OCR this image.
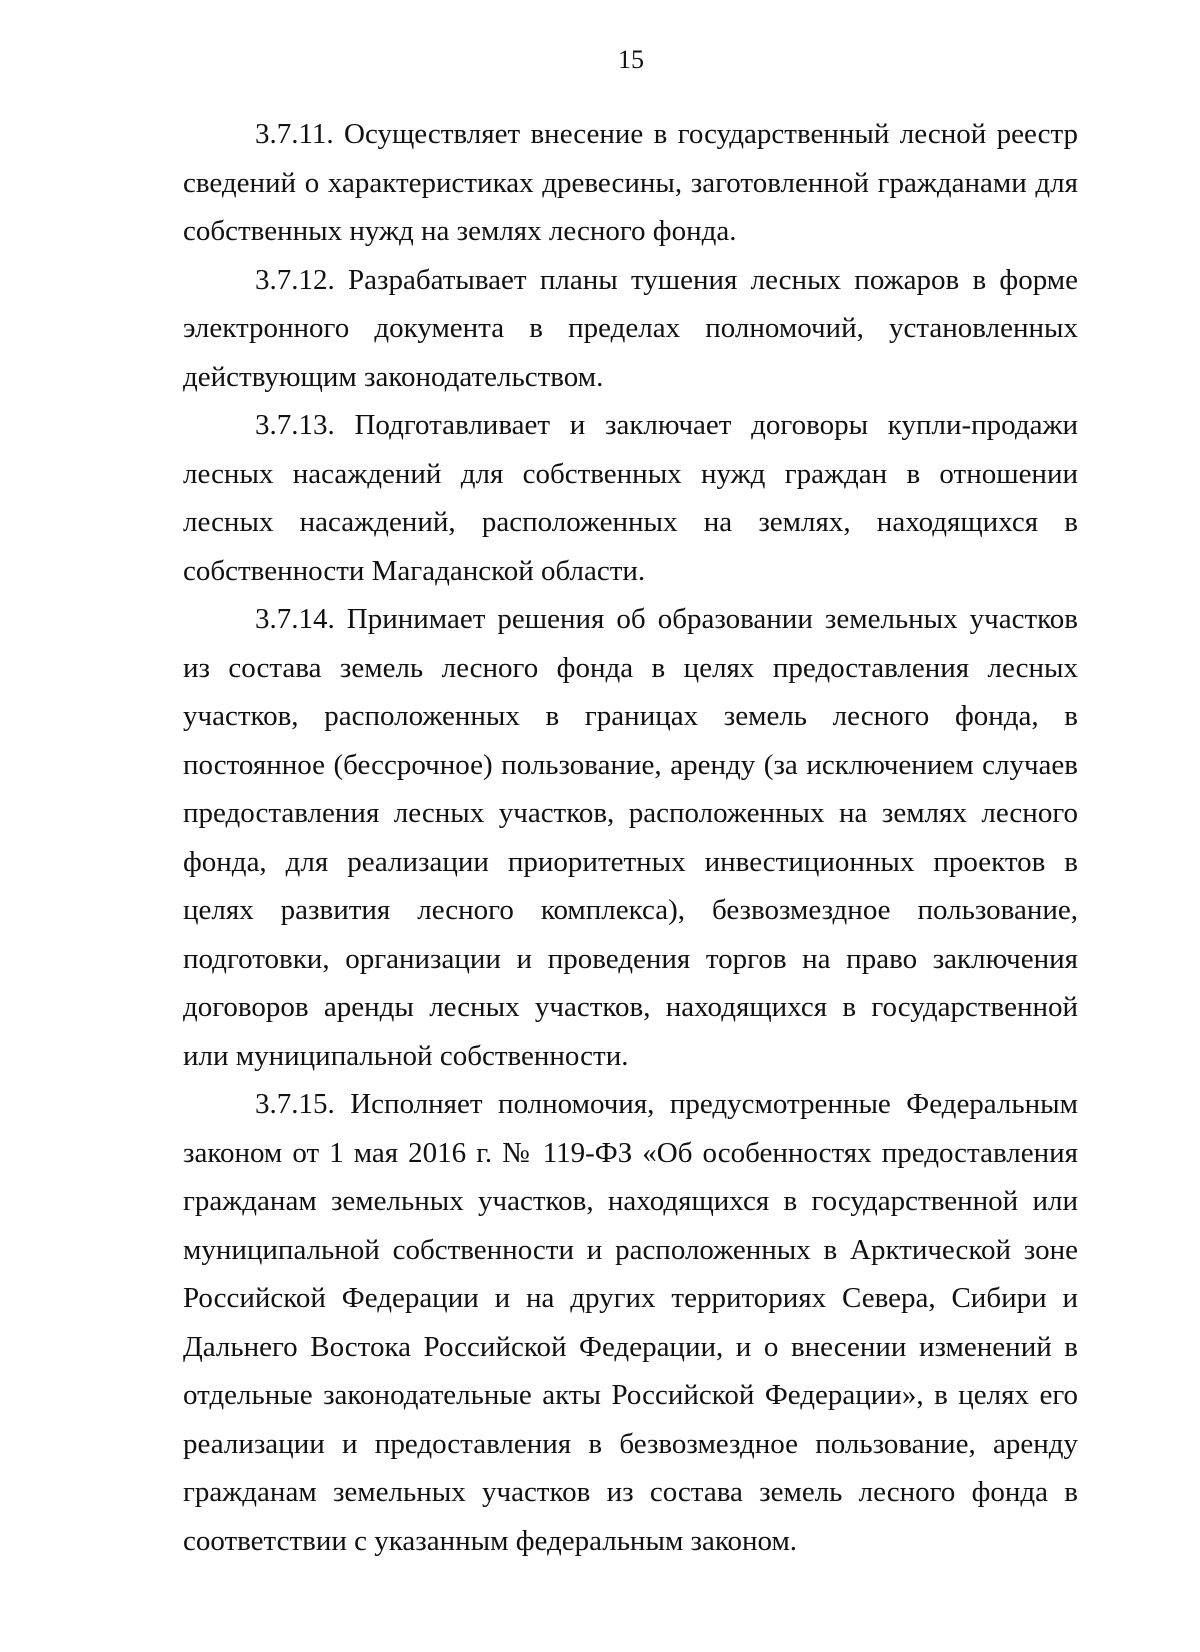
15

3.7.11. Осуществляет внесение в государственный лесной реестр сведений о характеристиках древесины, заготовленной гражданами для собственных нужд на землях лесного фонда.

3.7.12. Разрабатывает планы тушения лесных пожаров в форме электронного документа в пределах полномочий, установленных действующим законодательством.

3.7.13. Подготавливает и заключает договоры купли-продажи лесных насаждений для собственных нужд граждан в отношении лесных насаждений, расположенных на землях, находящихся в собственности Магаданской области.

3.7.14. Принимает решения об образовании земельных участков из состава земель лесного фонда в целях предоставления лесных участков, расположенных в границах земель лесного фонда, в постоянное (бессрочное) пользование, аренду (за исключением случаев предоставления лесных участков, расположенных на землях лесного фонда, для реализации приоритетных инвестиционных проектов в целях развития лесного комплекса), безвозмездное пользование, подготовки, организации и проведения торгов на право заключения договоров аренды лесных участков, находящихся в государственной или муниципальной собственности.

3.7.15. Исполняет полномочия, предусмотренные Федеральным законом от 1 мая 2016 г. № 119-ФЗ «Об особенностях предоставления гражданам земельных участков, находящихся в государственной или муниципальной собственности и расположенных в Арктической зоне Российской Федерации и на других территориях Севера, Сибири и Дальнего Востока Российской Федерации, и о внесении изменений в отдельные законодательные акты Российской Федерации», в целях его реализации и предоставления в безвозмездное пользование, аренду гражданам земельных участков из состава земель лесного фонда в соответствии с указанным федеральным законом.
